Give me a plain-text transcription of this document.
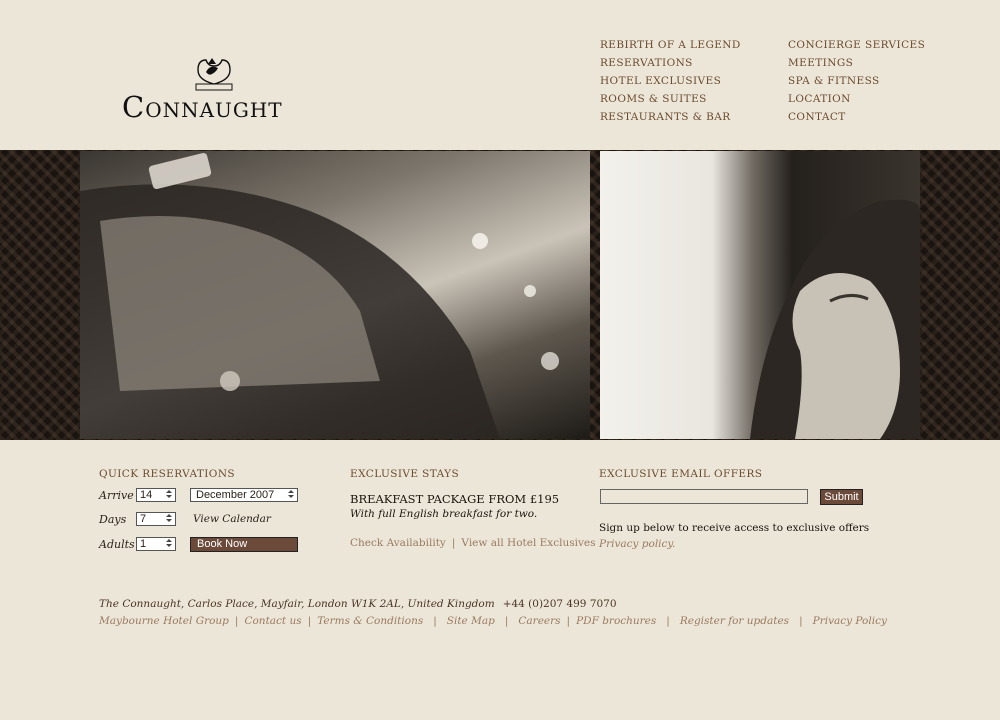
Connaught
REBIRTH OF A LEGEND
RESERVATIONS
HOTEL EXCLUSIVES
ROOMS & SUITES
RESTAURANTS & BAR
CONCIERGE SERVICES
MEETINGS
SPA & FITNESS
LOCATION
CONTACT
QUICK RESERVATIONS
Arrive 14	December 2007
Days	7	View Calendar
Adults 1	Book Now
EXCLUSIVE STAYS
BREAKFAST PACKAGE FROM £195
With full English breakfast for two.
Check Availability | View all Hotel Exclusives
EXCLUSIVE EMAIL OFFERS
Submit
Sign up below to receive access to exclusive offers
Privacy policy.
The Connaught, Carlos Place, Mayfair, London W1K 2AL, United Kingdom +44 (0)207 499 7070
Maybourne Hotel Group | Contact us | Terms & Conditions | Site Map | Careers | PDF brochures | Register for updates | Privacy Policy
